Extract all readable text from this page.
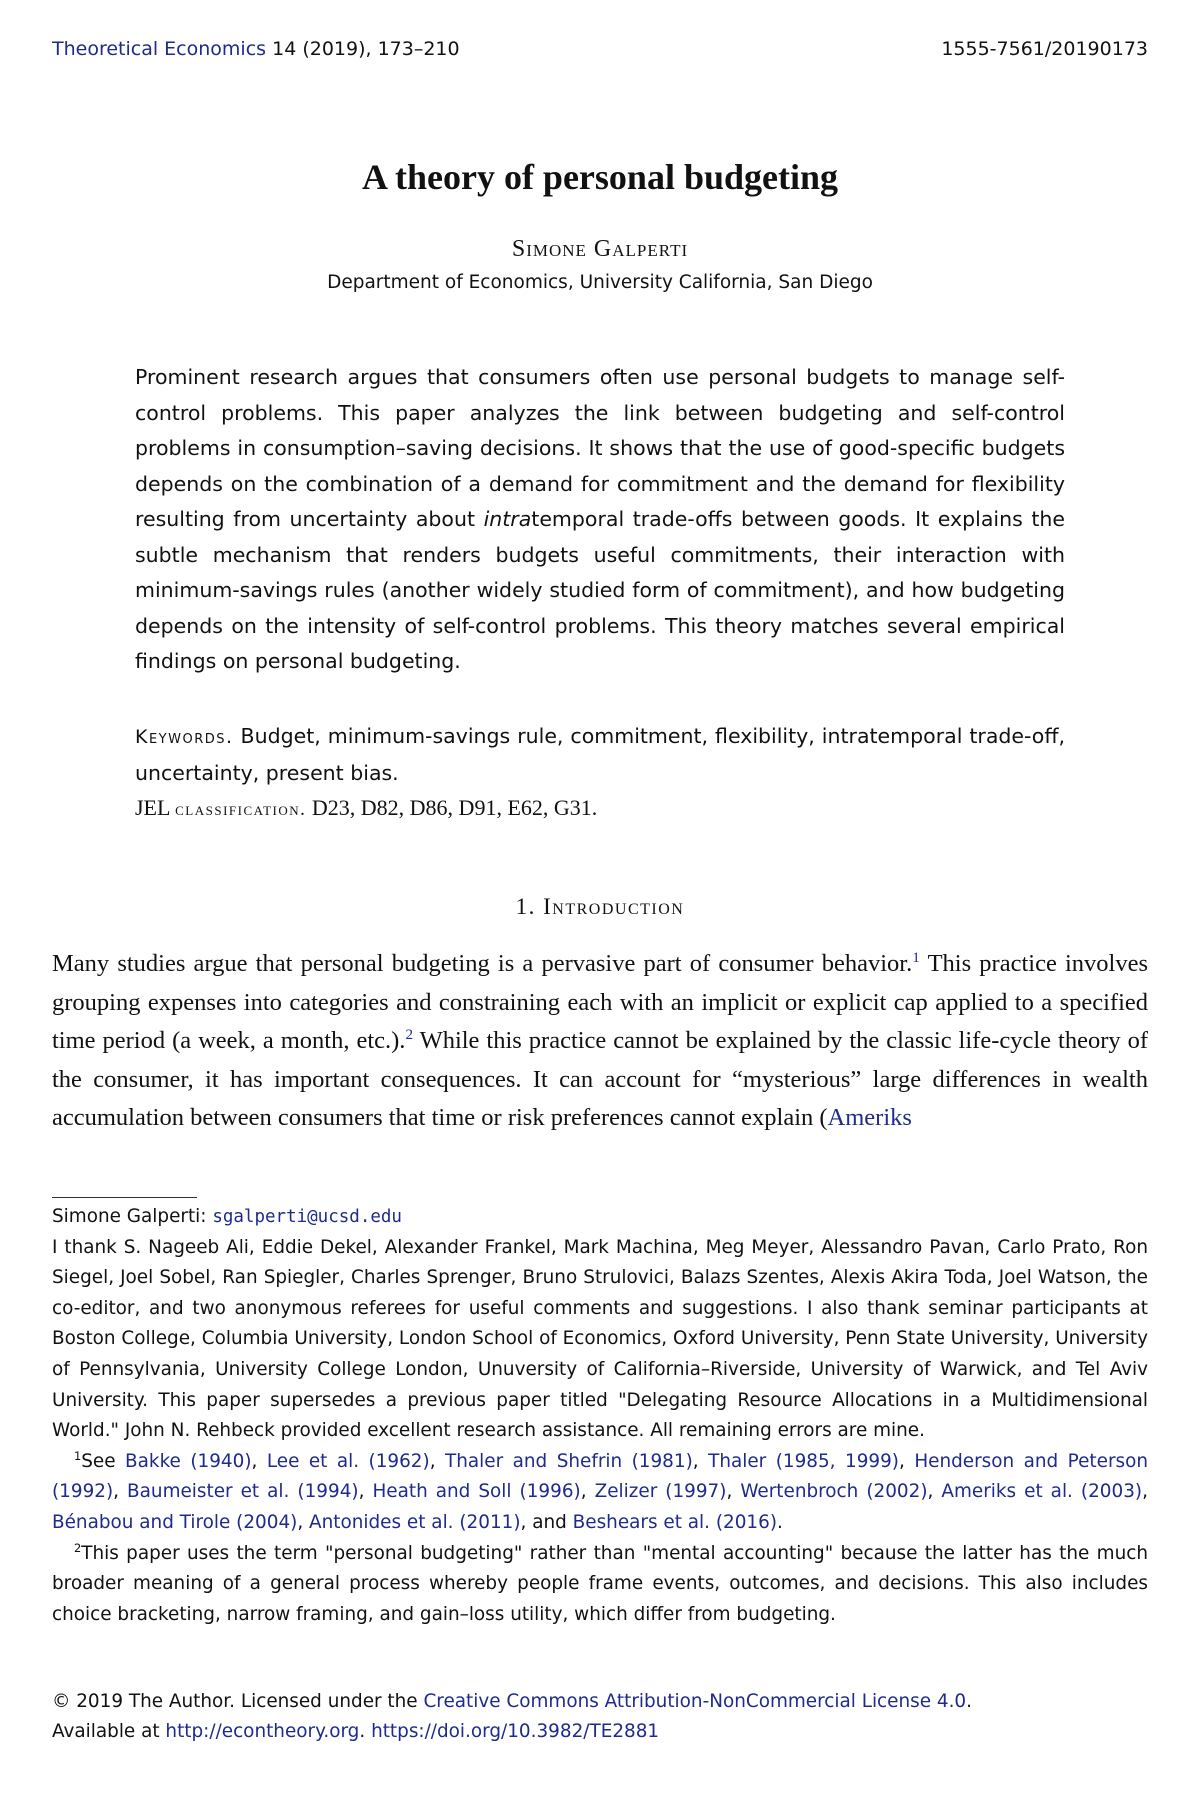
Theoretical Economics 14 (2019), 173–210	1555-7561/20190173
A theory of personal budgeting
Simone Galperti
Department of Economics, University California, San Diego
Prominent research argues that consumers often use personal budgets to manage self-control problems. This paper analyzes the link between budgeting and self-control problems in consumption–saving decisions. It shows that the use of good-specific budgets depends on the combination of a demand for commitment and the demand for flexibility resulting from uncertainty about intratemporal trade-offs between goods. It explains the subtle mechanism that renders budgets useful commitments, their interaction with minimum-savings rules (another widely studied form of commitment), and how budgeting depends on the intensity of self-control problems. This theory matches several empirical findings on personal budgeting.
Keywords. Budget, minimum-savings rule, commitment, flexibility, intratemporal trade-off, uncertainty, present bias.
JEL classification. D23, D82, D86, D91, E62, G31.
1. Introduction
Many studies argue that personal budgeting is a pervasive part of consumer behavior.$^1$ This practice involves grouping expenses into categories and constraining each with an implicit or explicit cap applied to a specified time period (a week, a month, etc.).$^2$ While this practice cannot be explained by the classic life-cycle theory of the consumer, it has important consequences. It can account for “mysterious” large differences in wealth accumulation between consumers that time or risk preferences cannot explain (Ameriks

Simone Galperti: sgalperti@ucsd.edu

I thank S. Nageeb Ali, Eddie Dekel, Alexander Frankel, Mark Machina, Meg Meyer, Alessandro Pavan, Carlo Prato, Ron Siegel, Joel Sobel, Ran Spiegler, Charles Sprenger, Bruno Strulovici, Balazs Szentes, Alexis Akira Toda, Joel Watson, the co-editor, and two anonymous referees for useful comments and suggestions. I also thank seminar participants at Boston College, Columbia University, London School of Economics, Oxford University, Penn State University, University of Pennsylvania, University College London, Unuversity of California–Riverside, University of Warwick, and Tel Aviv University. This paper supersedes a previous paper titled "Delegating Resource Allocations in a Multidimensional World." John N. Rehbeck provided excellent research assistance. All remaining errors are mine.

$^1$See Bakke (1940), Lee et al. (1962), Thaler and Shefrin (1981), Thaler (1985, 1999), Henderson and Peterson (1992), Baumeister et al. (1994), Heath and Soll (1996), Zelizer (1997), Wertenbroch (2002), Ameriks et al. (2003), Bénabou and Tirole (2004), Antonides et al. (2011), and Beshears et al. (2016).

$^2$This paper uses the term "personal budgeting" rather than "mental accounting" because the latter has the much broader meaning of a general process whereby people frame events, outcomes, and decisions. This also includes choice bracketing, narrow framing, and gain–loss utility, which differ from budgeting.

© 2019 The Author. Licensed under the Creative Commons Attribution-NonCommercial License 4.0.
Available at http://econtheory.org. https://doi.org/10.3982/TE2881
